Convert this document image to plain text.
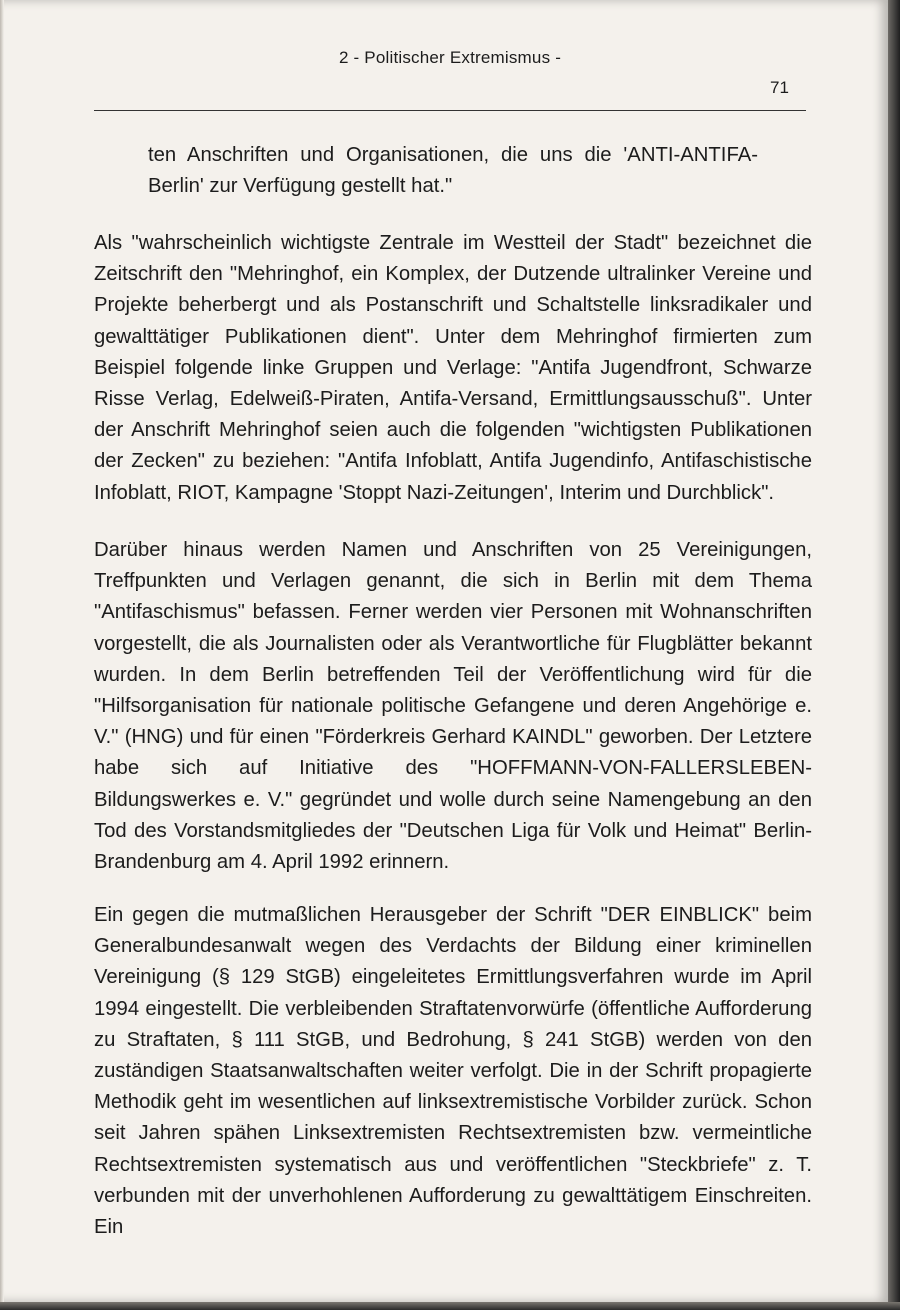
2 - Politischer Extremismus -
71

ten Anschriften und Organisationen, die uns die 'ANTI-ANTIFA-Berlin' zur Verfügung gestellt hat."

Als "wahrscheinlich wichtigste Zentrale im Westteil der Stadt" bezeichnet die Zeitschrift den "Mehringhof, ein Komplex, der Dutzende ultralinker Vereine und Projekte beherbergt und als Postanschrift und Schaltstelle linksradikaler und gewalttätiger Publikationen dient". Unter dem Mehringhof firmierten zum Beispiel folgende linke Gruppen und Verlage: "Antifa Jugendfront, Schwarze Risse Verlag, Edelweiß-Piraten, Antifa-Versand, Ermittlungsausschuß". Unter der Anschrift Mehringhof seien auch die folgenden "wichtigsten Publikationen der Zecken" zu beziehen: "Antifa Infoblatt, Antifa Jugendinfo, Antifaschistische Infoblatt, RIOT, Kampagne 'Stoppt Nazi-Zeitungen', Interim und Durchblick".

Darüber hinaus werden Namen und Anschriften von 25 Vereinigungen, Treffpunkten und Verlagen genannt, die sich in Berlin mit dem Thema "Antifaschismus" befassen. Ferner werden vier Personen mit Wohnanschriften vorgestellt, die als Journalisten oder als Verantwortliche für Flugblätter bekannt wurden. In dem Berlin betreffenden Teil der Veröffentlichung wird für die "Hilfsorganisation für nationale politische Gefangene und deren Angehörige e. V." (HNG) und für einen "Förderkreis Gerhard KAINDL" geworben. Der Letztere habe sich auf Initiative des "HOFFMANN-VON-FALLERSLEBEN-Bildungswerkes e. V." gegründet und wolle durch seine Namengebung an den Tod des Vorstandsmitgliedes der "Deutschen Liga für Volk und Heimat" Berlin-Brandenburg am 4. April 1992 erinnern.

Ein gegen die mutmaßlichen Herausgeber der Schrift "DER EINBLICK" beim Generalbundesanwalt wegen des Verdachts der Bildung einer kriminellen Vereinigung (§ 129 StGB) eingeleitetes Ermittlungsverfahren wurde im April 1994 eingestellt. Die verbleibenden Straftatenvorwürfe (öffentliche Aufforderung zu Straftaten, § 111 StGB, und Bedrohung, § 241 StGB) werden von den zuständigen Staatsanwaltschaften weiter verfolgt. Die in der Schrift propagierte Methodik geht im wesentlichen auf linksextremistische Vorbilder zurück. Schon seit Jahren spähen Linksextremisten Rechtsextremisten bzw. vermeintliche Rechtsextremisten systematisch aus und veröffentlichen "Steckbriefe" z. T. verbunden mit der unverhohlenen Aufforderung zu gewalttätigem Einschreiten. Ein
